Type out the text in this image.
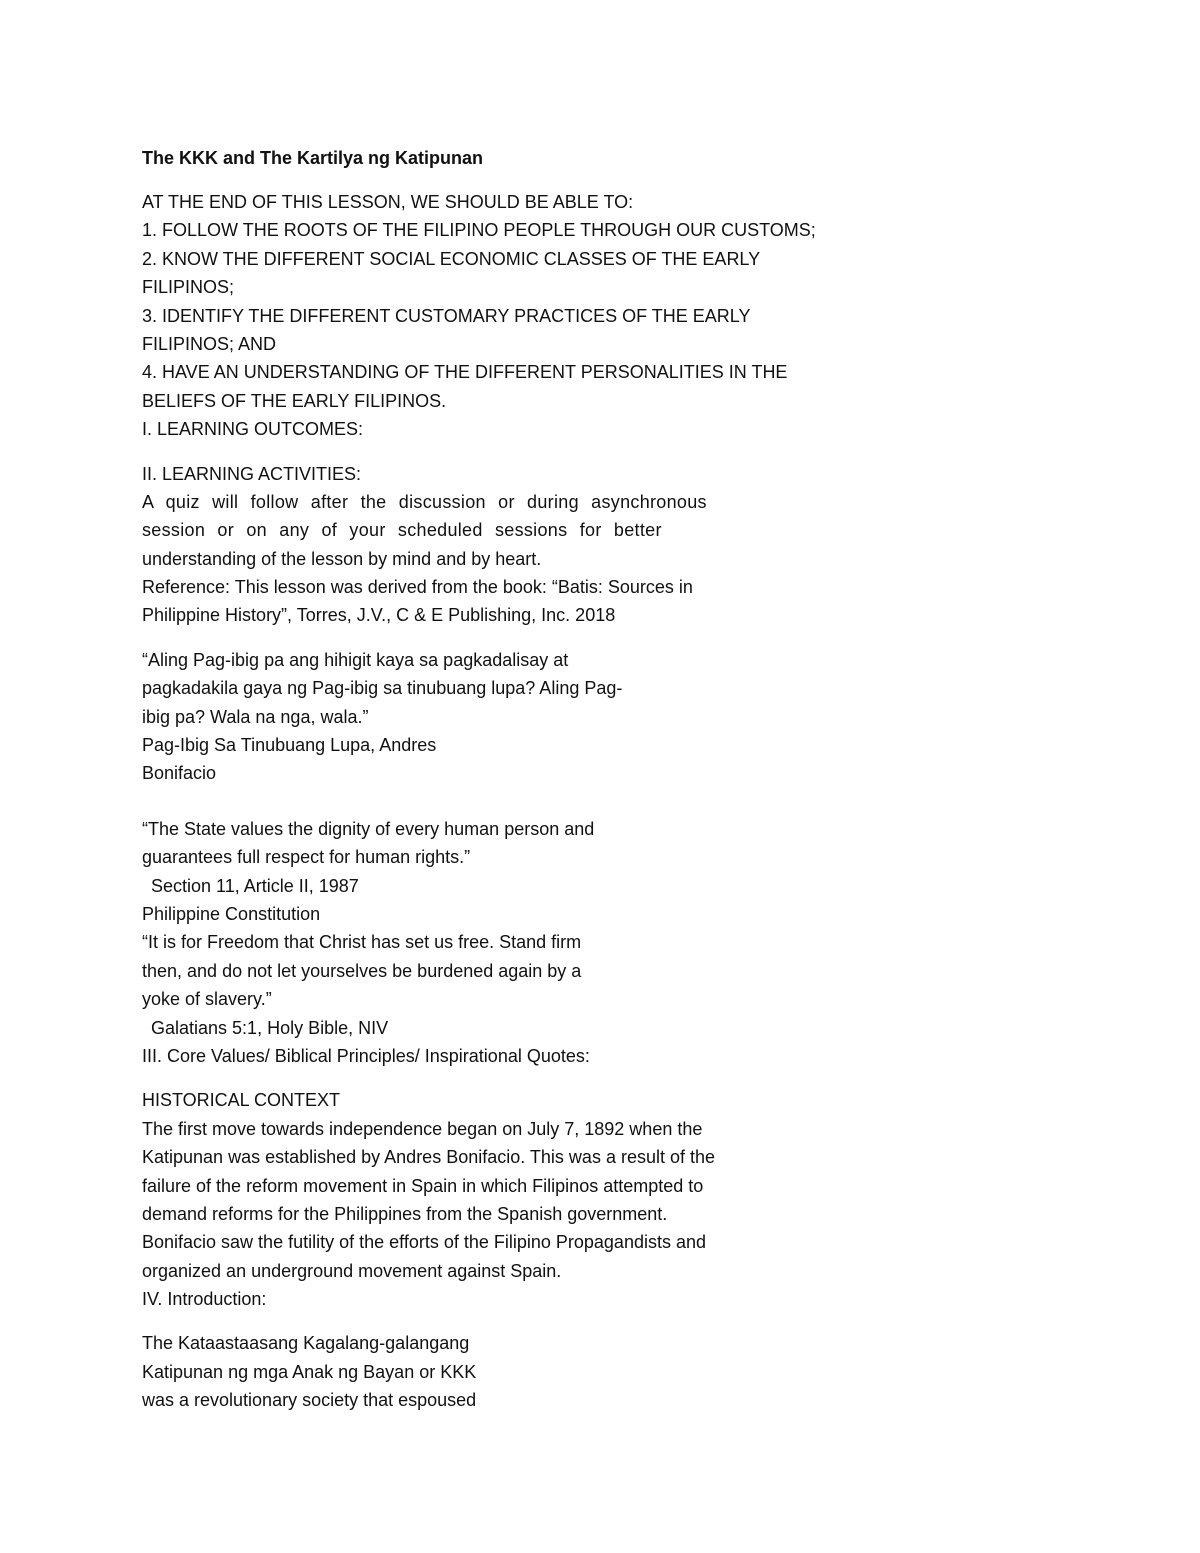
The KKK and The Kartilya ng Katipunan
AT THE END OF THIS LESSON, WE SHOULD BE ABLE TO:
1. FOLLOW THE ROOTS OF THE FILIPINO PEOPLE THROUGH OUR CUSTOMS;
2. KNOW THE DIFFERENT SOCIAL ECONOMIC CLASSES OF THE EARLY
FILIPINOS;
3. IDENTIFY THE DIFFERENT CUSTOMARY PRACTICES OF THE EARLY
FILIPINOS; AND
4. HAVE AN UNDERSTANDING OF THE DIFFERENT PERSONALITIES IN THE
BELIEFS OF THE EARLY FILIPINOS.
I. LEARNING OUTCOMES:
II. LEARNING ACTIVITIES:
A quiz will follow after the discussion or during asynchronous
session or on any of your scheduled sessions for better
understanding of the lesson by mind and by heart.
Reference: This lesson was derived from the book: “Batis: Sources in
Philippine History”, Torres, J.V., C & E Publishing, Inc. 2018
“Aling Pag-ibig pa ang hihigit kaya sa pagkadalisay at
pagkadakila gaya ng Pag-ibig sa tinubuang lupa? Aling Pag-
ibig pa? Wala na nga, wala.”
Pag-Ibig Sa Tinubuang Lupa, Andres
Bonifacio
“The State values the dignity of every human person and
guarantees full respect for human rights.”
Section 11, Article II, 1987
Philippine Constitution
“It is for Freedom that Christ has set us free. Stand firm
then, and do not let yourselves be burdened again by a
yoke of slavery.”
Galatians 5:1, Holy Bible, NIV
III. Core Values/ Biblical Principles/ Inspirational Quotes:
HISTORICAL CONTEXT
The first move towards independence began on July 7, 1892 when the
Katipunan was established by Andres Bonifacio. This was a result of the
failure of the reform movement in Spain in which Filipinos attempted to
demand reforms for the Philippines from the Spanish government.
Bonifacio saw the futility of the efforts of the Filipino Propagandists and
organized an underground movement against Spain.
IV. Introduction:
The Kataastaasang Kagalang-galangang
Katipunan ng mga Anak ng Bayan or KKK
was a revolutionary society that espoused
